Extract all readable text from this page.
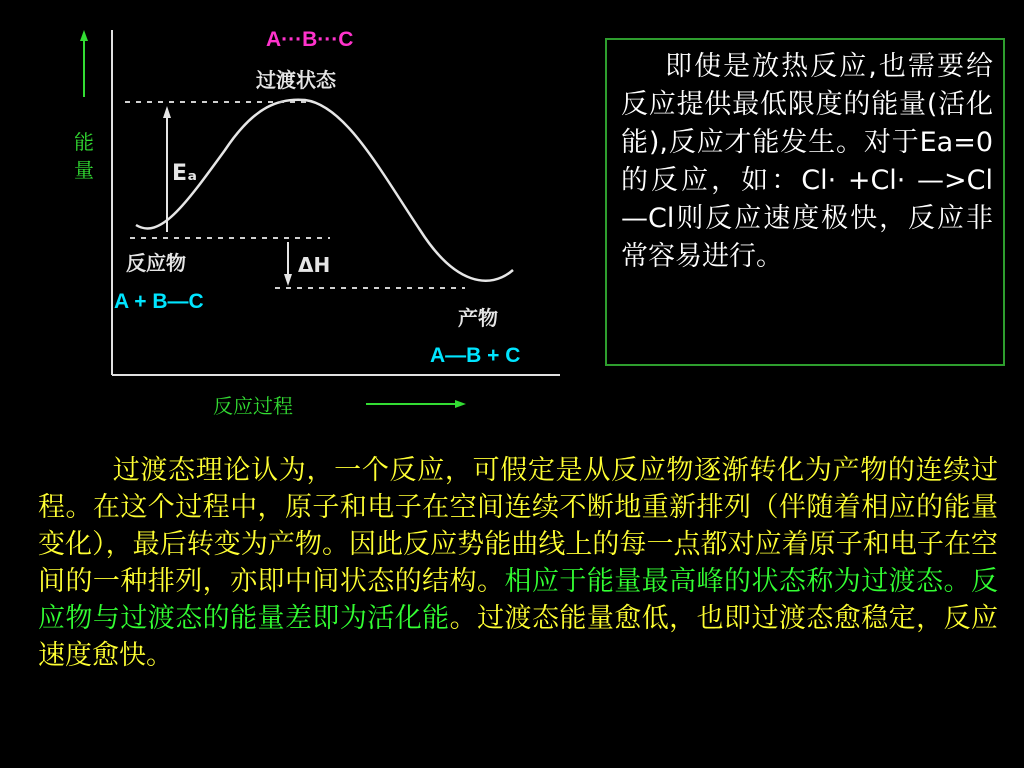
过渡状态
Eₐ
反应物	ΔH
产物
A···B···C
能
量
A + B—C
A—B + C
反应过程
即使是放热反应,也需要给反应提供最低限度的能量(活化能),反应才能发生。对于Ea=0的反应，如：Cl· +Cl· —>Cl—Cl则反应速度极快，反应非常容易进行。
过渡态理论认为，一个反应，可假定是从反应物逐渐转化为产物的连续过程。在这个过程中，原子和电子在空间连续不断地重新排列（伴随着相应的能量变化），最后转变为产物。因此反应势能曲线上的每一点都对应着原子和电子在空间的一种排列，亦即中间状态的结构。相应于能量最高峰的状态称为过渡态。反应物与过渡态的能量差即为活化能。过渡态能量愈低，也即过渡态愈稳定，反应速度愈快。
